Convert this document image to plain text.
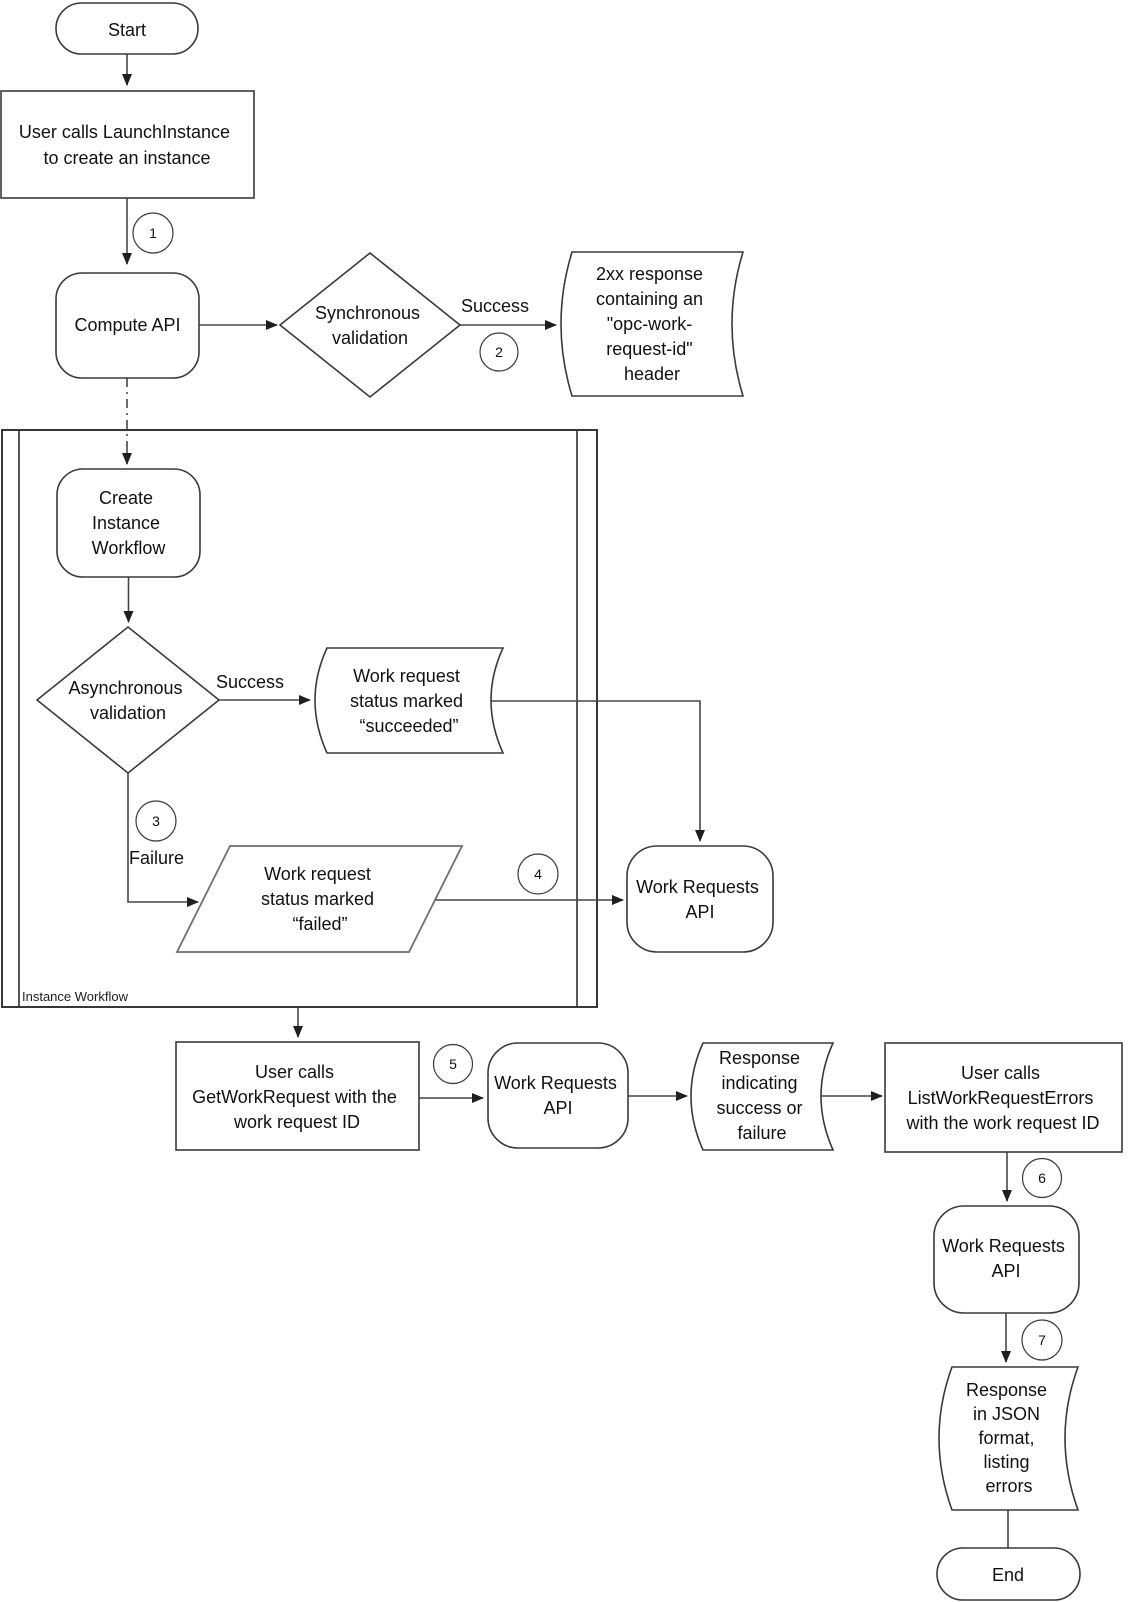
Instance Workflow
Start
User calls LaunchInstance to create an instance
1
Compute API
Synchronous validation
Success
2
2xx response containing an "opc-work- request-id" header
Create Instance Workflow
Asynchronous validation
Success	Work request status marked “succeeded”
3
Failure
Work request status marked “failed”
4
Work Requests API
User calls GetWorkRequest with the work request ID
5
Work Requests API
Response indicating success or failure
User calls ListWorkRequestErrors with the work request ID
6
Work Requests API
7
Response in JSON format, listing errors
End
